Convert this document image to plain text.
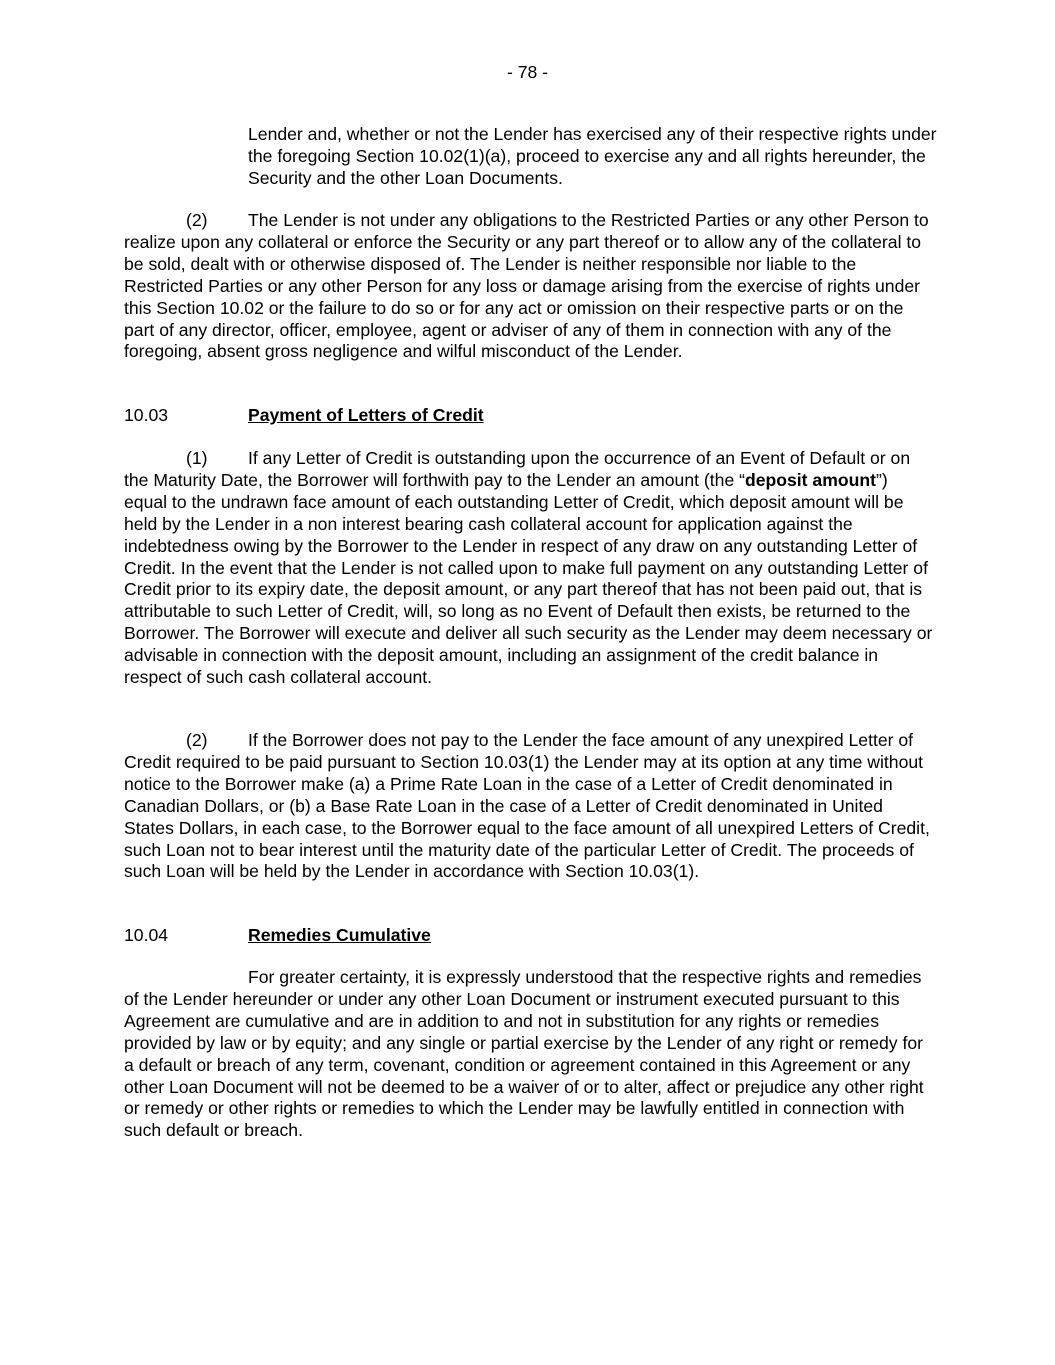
- 78 -

Lender and, whether or not the Lender has exercised any of their respective rights under the foregoing Section 10.02(1)(a), proceed to exercise any and all rights hereunder, the Security and the other Loan Documents.

(2) The Lender is not under any obligations to the Restricted Parties or any other Person to realize upon any collateral or enforce the Security or any part thereof or to allow any of the collateral to be sold, dealt with or otherwise disposed of. The Lender is neither responsible nor liable to the Restricted Parties or any other Person for any loss or damage arising from the exercise of rights under this Section 10.02 or the failure to do so or for any act or omission on their respective parts or on the part of any director, officer, employee, agent or adviser of any of them in connection with any of the foregoing, absent gross negligence and wilful misconduct of the Lender.

10.03	Payment of Letters of Credit

(1) If any Letter of Credit is outstanding upon the occurrence of an Event of Default or on the Maturity Date, the Borrower will forthwith pay to the Lender an amount (the “deposit amount”) equal to the undrawn face amount of each outstanding Letter of Credit, which deposit amount will be held by the Lender in a non interest bearing cash collateral account for application against the indebtedness owing by the Borrower to the Lender in respect of any draw on any outstanding Letter of Credit. In the event that the Lender is not called upon to make full payment on any outstanding Letter of Credit prior to its expiry date, the deposit amount, or any part thereof that has not been paid out, that is attributable to such Letter of Credit, will, so long as no Event of Default then exists, be returned to the Borrower. The Borrower will execute and deliver all such security as the Lender may deem necessary or advisable in connection with the deposit amount, including an assignment of the credit balance in respect of such cash collateral account.

(2) If the Borrower does not pay to the Lender the face amount of any unexpired Letter of Credit required to be paid pursuant to Section 10.03(1) the Lender may at its option at any time without notice to the Borrower make (a) a Prime Rate Loan in the case of a Letter of Credit denominated in Canadian Dollars, or (b) a Base Rate Loan in the case of a Letter of Credit denominated in United States Dollars, in each case, to the Borrower equal to the face amount of all unexpired Letters of Credit, such Loan not to bear interest until the maturity date of the particular Letter of Credit. The proceeds of such Loan will be held by the Lender in accordance with Section 10.03(1).

10.04	Remedies Cumulative

For greater certainty, it is expressly understood that the respective rights and remedies of the Lender hereunder or under any other Loan Document or instrument executed pursuant to this Agreement are cumulative and are in addition to and not in substitution for any rights or remedies provided by law or by equity; and any single or partial exercise by the Lender of any right or remedy for a default or breach of any term, covenant, condition or agreement contained in this Agreement or any other Loan Document will not be deemed to be a waiver of or to alter, affect or prejudice any other right or remedy or other rights or remedies to which the Lender may be lawfully entitled in connection with such default or breach.
